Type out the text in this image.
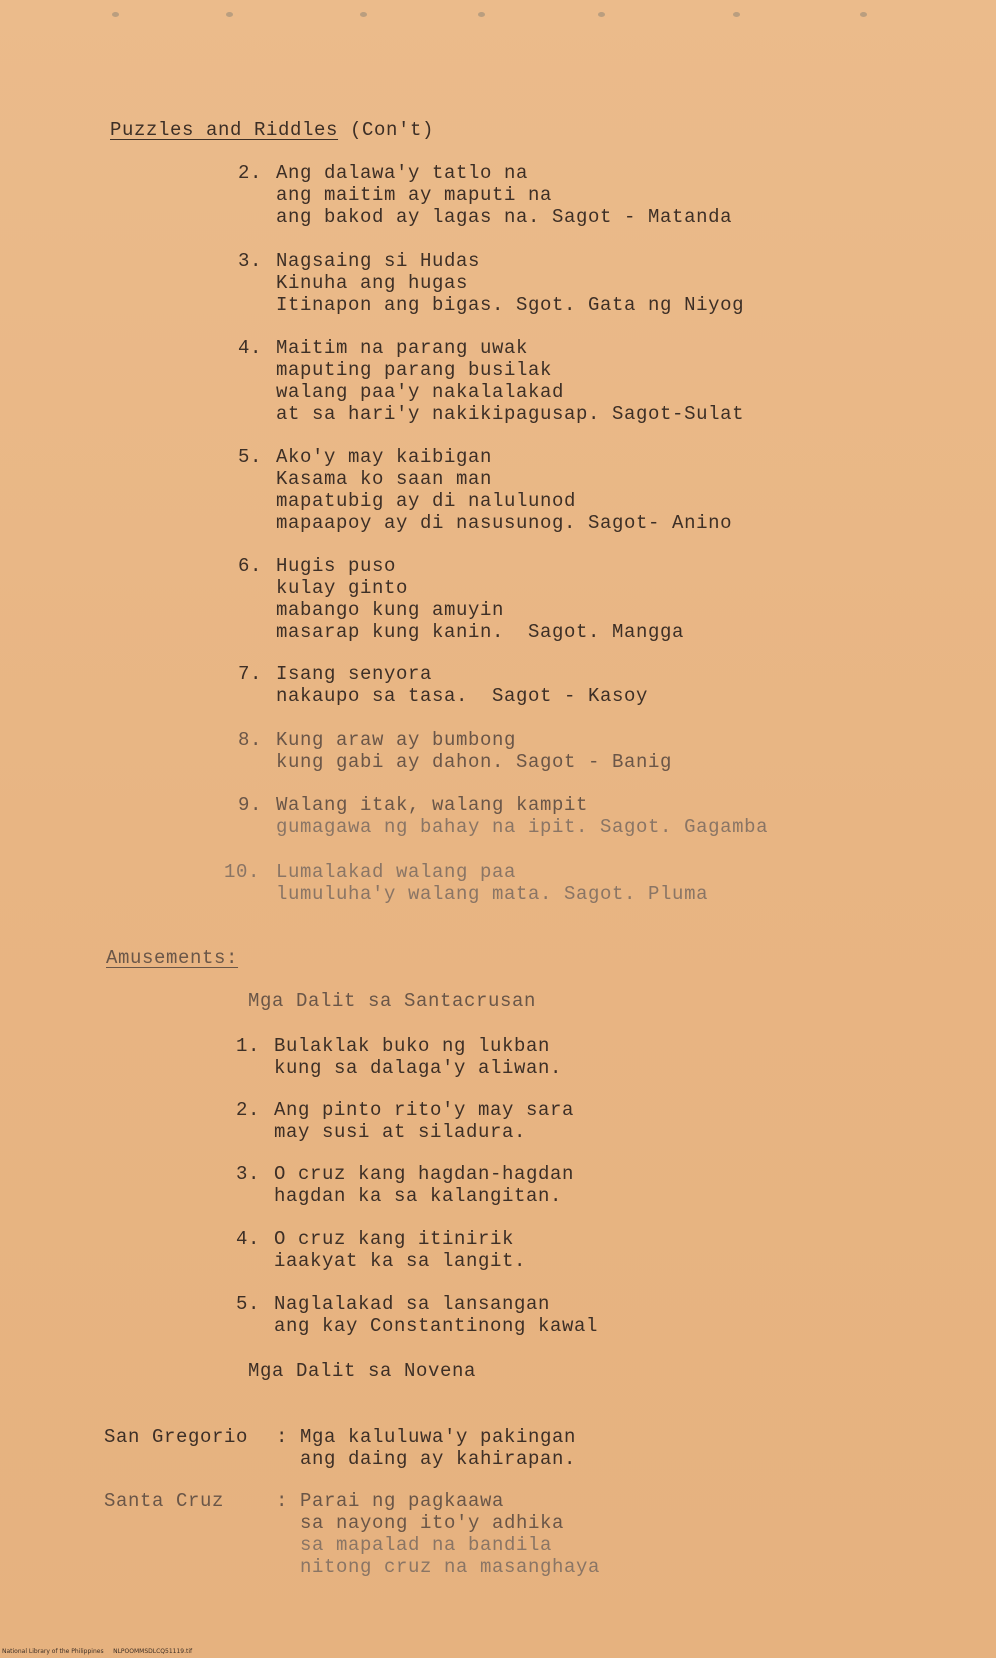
Puzzles and Riddles (Con't)
2. Ang dalawa'y tatlo na
ang maitim ay maputi na
ang bakod ay lagas na. Sagot - Matanda
3. Nagsaing si Hudas
Kinuha ang hugas
Itinapon ang bigas. Sgot. Gata ng Niyog
4. Maitim na parang uwak
maputing parang busilak
walang paa'y nakalalakad
at sa hari'y nakikipagusap. Sagot-Sulat
5. Ako'y may kaibigan
Kasama ko saan man
mapatubig ay di nalulunod
mapaapoy ay di nasusunog. Sagot- Anino
6. Hugis puso
kulay ginto
mabango kung amuyin
masarap kung kanin.  Sagot. Mangga
7. Isang senyora
nakaupo sa tasa.  Sagot - Kasoy
8. Kung araw ay bumbong
kung gabi ay dahon. Sagot - Banig
9. Walang itak, walang kampit
gumagawa ng bahay na ipit. Sagot. Gagamba
10. Lumalakad walang paa
lumuluha'y walang mata. Sagot. Pluma
Amusements:
Mga Dalit sa Santacrusan
1. Bulaklak buko ng lukban
kung sa dalaga'y aliwan.
2. Ang pinto rito'y may sara
may susi at siladura.
3. O cruz kang hagdan-hagdan
hagdan ka sa kalangitan.
4. O cruz kang itinirik
iaakyat ka sa langit.
5. Naglalakad sa lansangan
ang kay Constantinong kawal
Mga Dalit sa Novena
San Gregorio : Mga kaluluwa'y pakingan
ang daing ay kahirapan.
Santa Cruz	: Parai ng pagkaawa
sa nayong ito'y adhika
sa mapalad na bandila
nitong cruz na masanghaya
National Library of the Philippines     NLPOOMMSDLCQ51119.tif
